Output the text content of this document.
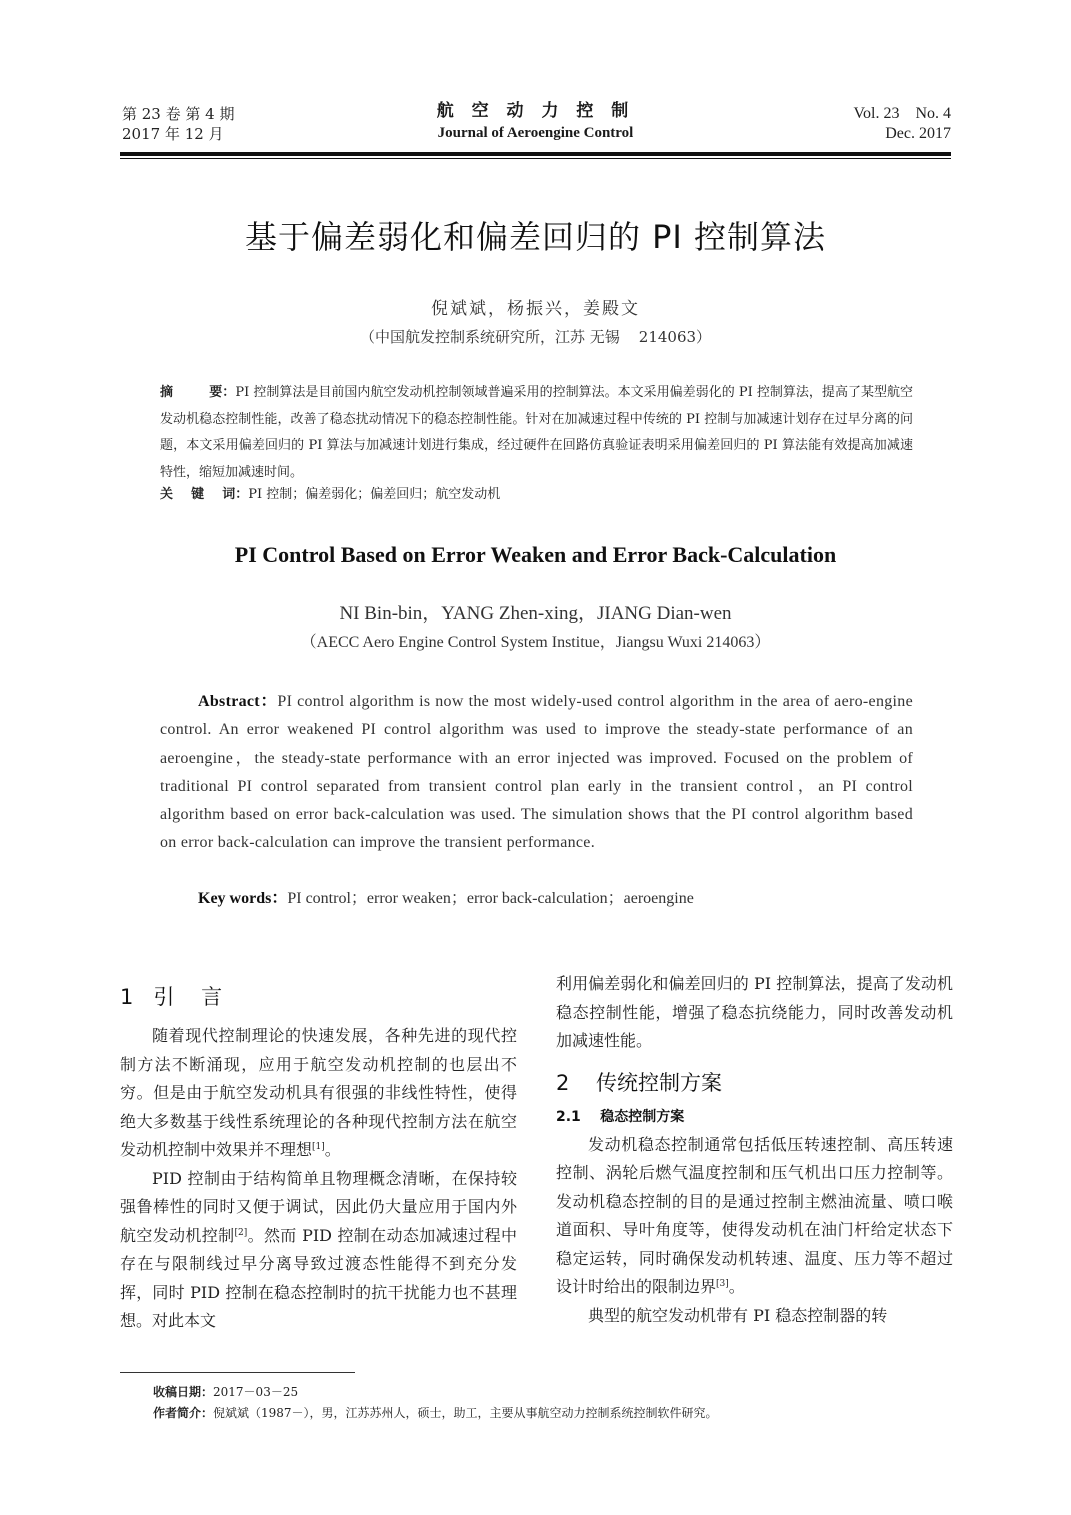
第 23 卷 第 4 期
2017 年 12 月
航 空 动 力 控 制
Journal of Aeroengine Control
Vol. 23    No. 4
Dec. 2017
基于偏差弱化和偏差回归的 PI 控制算法
倪斌斌，杨振兴，姜殿文
（中国航发控制系统研究所，江苏 无锡    214063）
摘        要：PI 控制算法是目前国内航空发动机控制领域普遍采用的控制算法。本文采用偏差弱化的 PI 控制算法，提高了某型航空发动机稳态控制性能，改善了稳态扰动情况下的稳态控制性能。针对在加减速过程中传统的 PI 控制与加减速计划存在过早分离的问题，本文采用偏差回归的 PI 算法与加减速计划进行集成，经过硬件在回路仿真验证表明采用偏差回归的 PI 算法能有效提高加减速特性，缩短加减速时间。
关    键    词：PI 控制；偏差弱化；偏差回归；航空发动机
PI Control Based on Error Weaken and Error Back-Calculation
NI Bin-bin，YANG Zhen-xing，JIANG Dian-wen
（AECC Aero Engine Control System Institue，Jiangsu Wuxi 214063）
Abstract：PI control algorithm is now the most widely-used control algorithm in the area of aero-engine control. An error weakened PI control algorithm was used to improve the steady-state performance of an aeroengine，the steady-state performance with an error injected was improved. Focused on the problem of traditional PI control separated from transient control plan early in the transient control，an PI control algorithm based on error back-calculation was used. The simulation shows that the PI control algorithm based on error back-calculation can improve the transient performance.
Key words：PI control；error weaken；error back-calculation；aeroengine
1   引    言

随着现代控制理论的快速发展，各种先进的现代控制方法不断涌现，应用于航空发动机控制的也层出不穷。但是由于航空发动机具有很强的非线性特性，使得绝大多数基于线性系统理论的各种现代控制方法在航空发动机控制中效果并不理想[1]。

PID 控制由于结构简单且物理概念清晰，在保持较强鲁棒性的同时又便于调试，因此仍大量应用于国内外航空发动机控制[2]。然而 PID 控制在动态加减速过程中存在与限制线过早分离导致过渡态性能得不到充分发挥，同时 PID 控制在稳态控制时的抗干扰能力也不甚理想。对此本文

利用偏差弱化和偏差回归的 PI 控制算法，提高了发动机稳态控制性能，增强了稳态抗绕能力，同时改善发动机加减速性能。

2    传统控制方案
2.1    稳态控制方案

发动机稳态控制通常包括低压转速控制、高压转速控制、涡轮后燃气温度控制和压气机出口压力控制等。发动机稳态控制的目的是通过控制主燃油流量、喷口喉道面积、导叶角度等，使得发动机在油门杆给定状态下稳定运转，同时确保发动机转速、温度、压力等不超过设计时给出的限制边界[3]。

典型的航空发动机带有 PI 稳态控制器的转

收稿日期：2017－03－25
作者简介：倪斌斌（1987－），男，江苏苏州人，硕士，助工，主要从事航空动力控制系统控制软件研究。
